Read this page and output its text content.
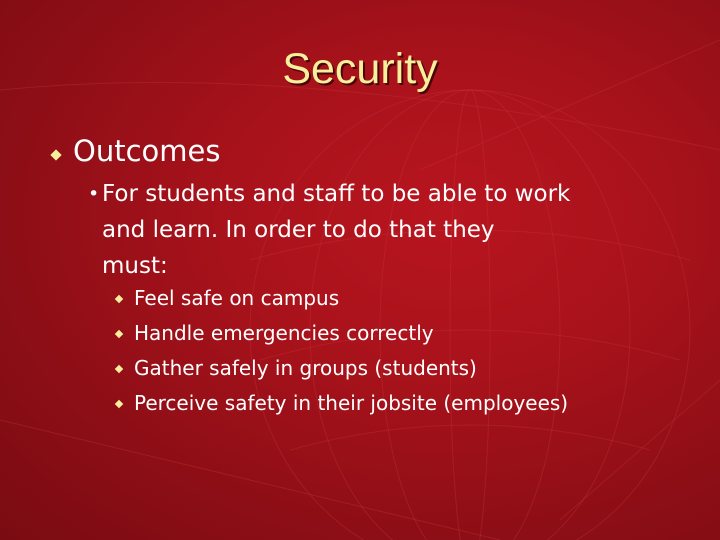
Security
Outcomes
• For students and staff to be able to work
and learn. In order to do that they
must:
Feel safe on campus
Handle emergencies correctly
Gather safely in groups (students)
Perceive safety in their jobsite (employees)
